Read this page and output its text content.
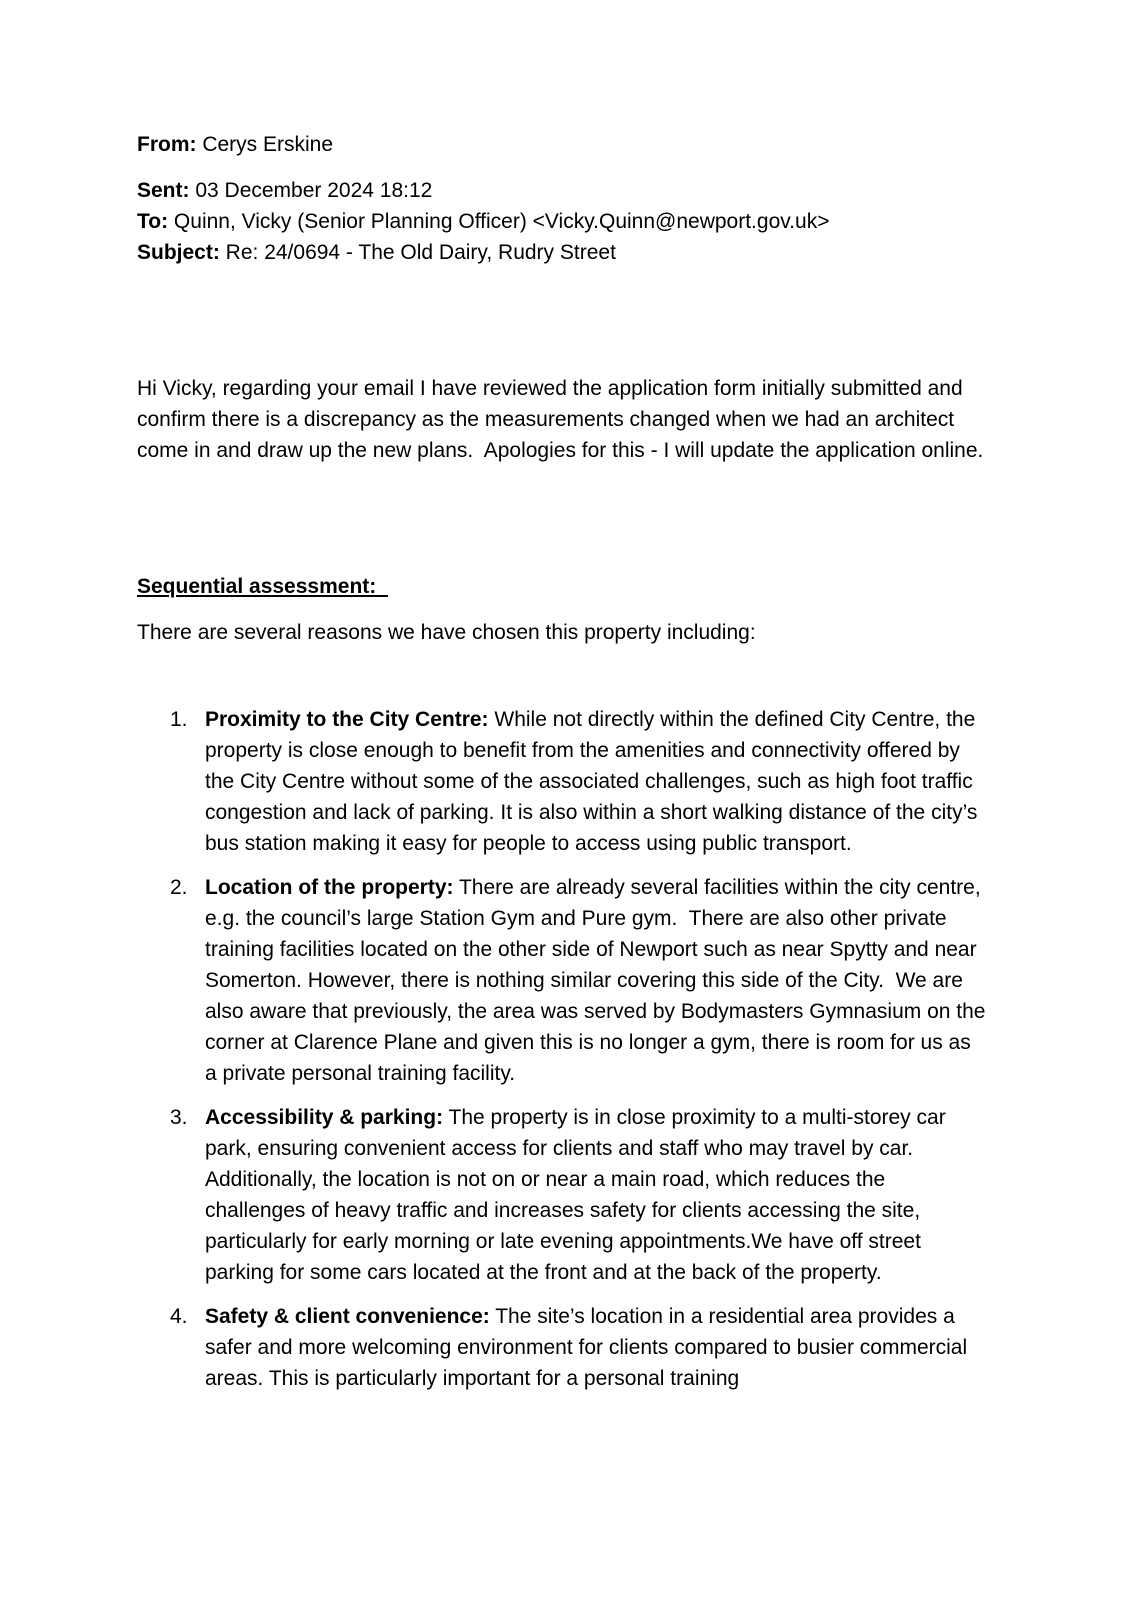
From: Cerys Erskine

Sent: 03 December 2024 18:12
To: Quinn, Vicky (Senior Planning Officer) <Vicky.Quinn@newport.gov.uk>
Subject: Re: 24/0694 - The Old Dairy, Rudry Street

Hi Vicky, regarding your email I have reviewed the application form initially submitted and confirm there is a discrepancy as the measurements changed when we had an architect come in and draw up the new plans.  Apologies for this - I will update the application online.

Sequential assessment:

There are several reasons we have chosen this property including:

1. Proximity to the City Centre: While not directly within the defined City Centre, the property is close enough to benefit from the amenities and connectivity offered by the City Centre without some of the associated challenges, such as high foot traffic congestion and lack of parking. It is also within a short walking distance of the city’s bus station making it easy for people to access using public transport.
2. Location of the property: There are already several facilities within the city centre, e.g. the council’s large Station Gym and Pure gym.  There are also other private training facilities located on the other side of Newport such as near Spytty and near Somerton. However, there is nothing similar covering this side of the City.  We are also aware that previously, the area was served by Bodymasters Gymnasium on the corner at Clarence Plane and given this is no longer a gym, there is room for us as a private personal training facility.
3. Accessibility & parking: The property is in close proximity to a multi-storey car park, ensuring convenient access for clients and staff who may travel by car. Additionally, the location is not on or near a main road, which reduces the challenges of heavy traffic and increases safety for clients accessing the site, particularly for early morning or late evening appointments.We have off street parking for some cars located at the front and at the back of the property.
4. Safety & client convenience: The site’s location in a residential area provides a safer and more welcoming environment for clients compared to busier commercial areas. This is particularly important for a personal training
